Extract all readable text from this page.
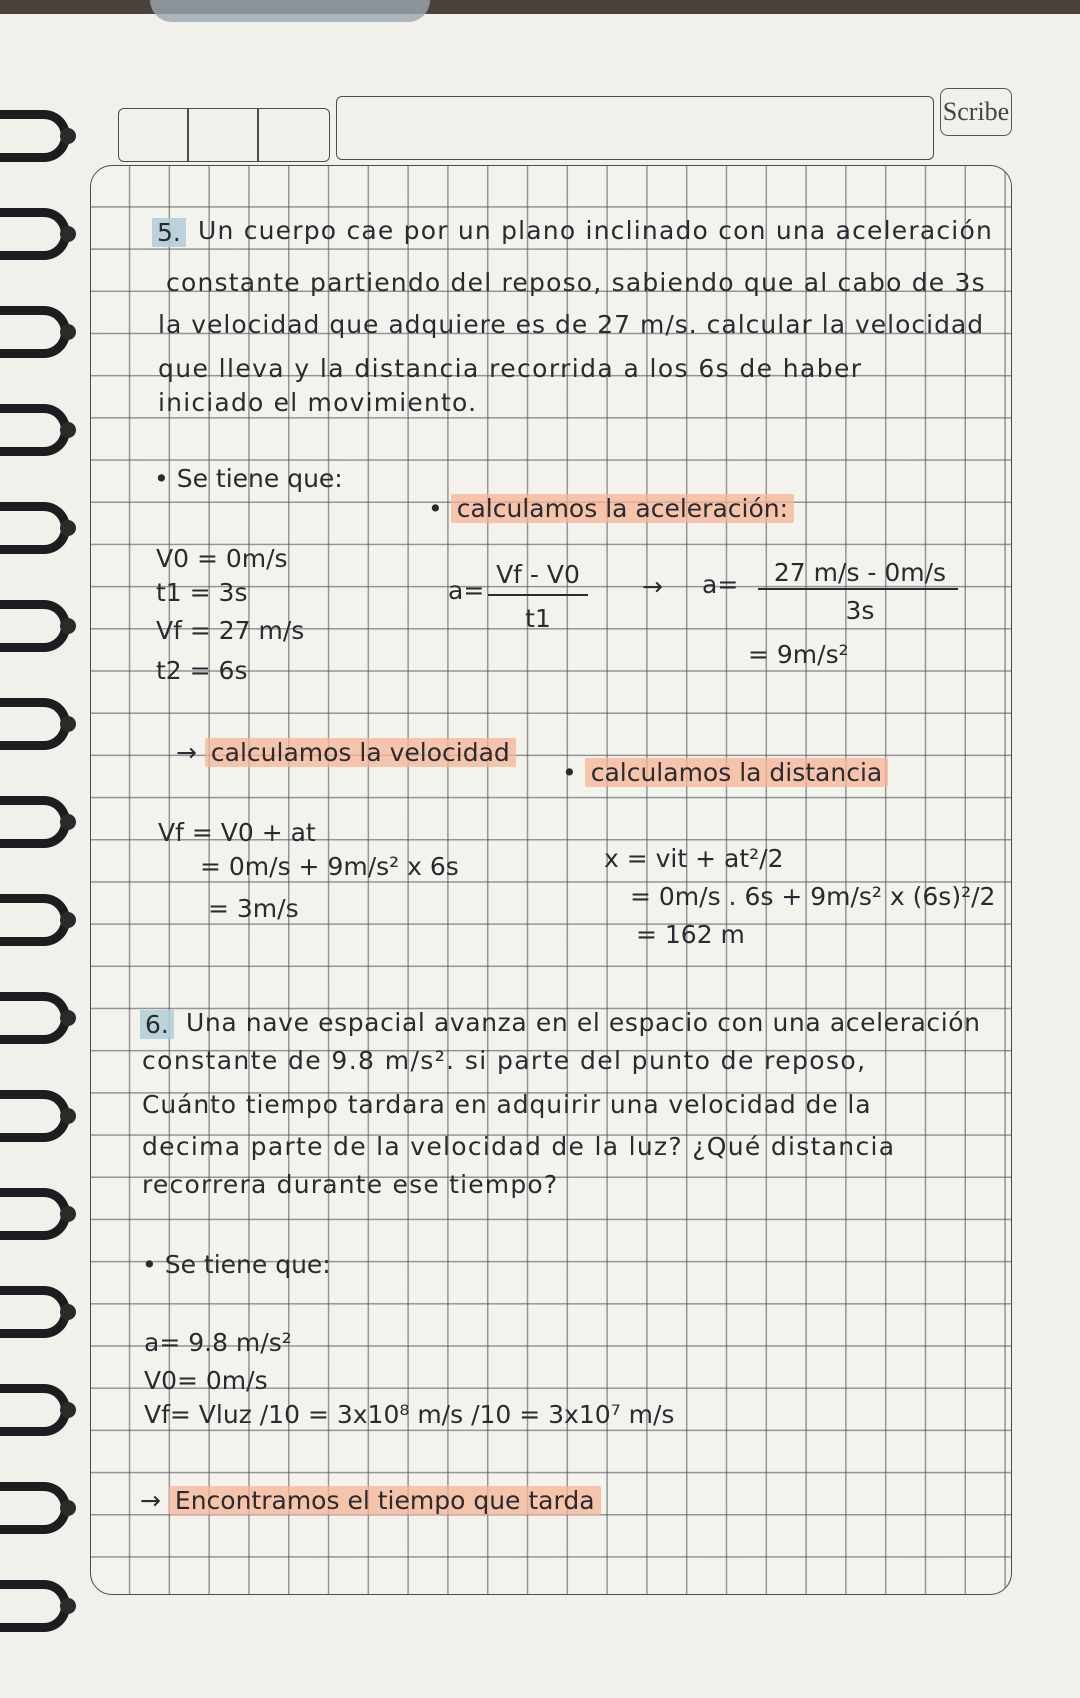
Scribe
5. Un cuerpo cae por un plano inclinado con una aceleración
constante partiendo del reposo, sabiendo que al cabo de 3s
la velocidad que adquiere es de 27 m/s. calcular la velocidad
que lleva y la distancia recorrida a los 6s de haber
iniciado el movimiento.
• Se tiene que:
V0 = 0m/s
t1 = 3s
Vf = 27 m/s
t2 = 6s
• calculamos la aceleración:
a=
Vf - V0
t1
→ a=	27 m/s - 0m/s
3s
= 9m/s²
→ calculamos la velocidad
Vf = V0 + at
= 0m/s + 9m/s² x 6s
= 3m/s
• calculamos la distancia
x = vit + at²/2
= 0m/s . 6s + 9m/s² x (6s)²/2
= 162 m
6. Una nave espacial avanza en el espacio con una aceleración
constante de 9.8 m/s². si parte del punto de reposo,
Cuánto tiempo tardara en adquirir una velocidad de la
decima parte de la velocidad de la luz? ¿Qué distancia
recorrera durante ese tiempo?
• Se tiene que:
a= 9.8 m/s²
V0= 0m/s
Vf= Vluz /10 = 3x10⁸ m/s /10 = 3x10⁷ m/s
→ Encontramos el tiempo que tarda
